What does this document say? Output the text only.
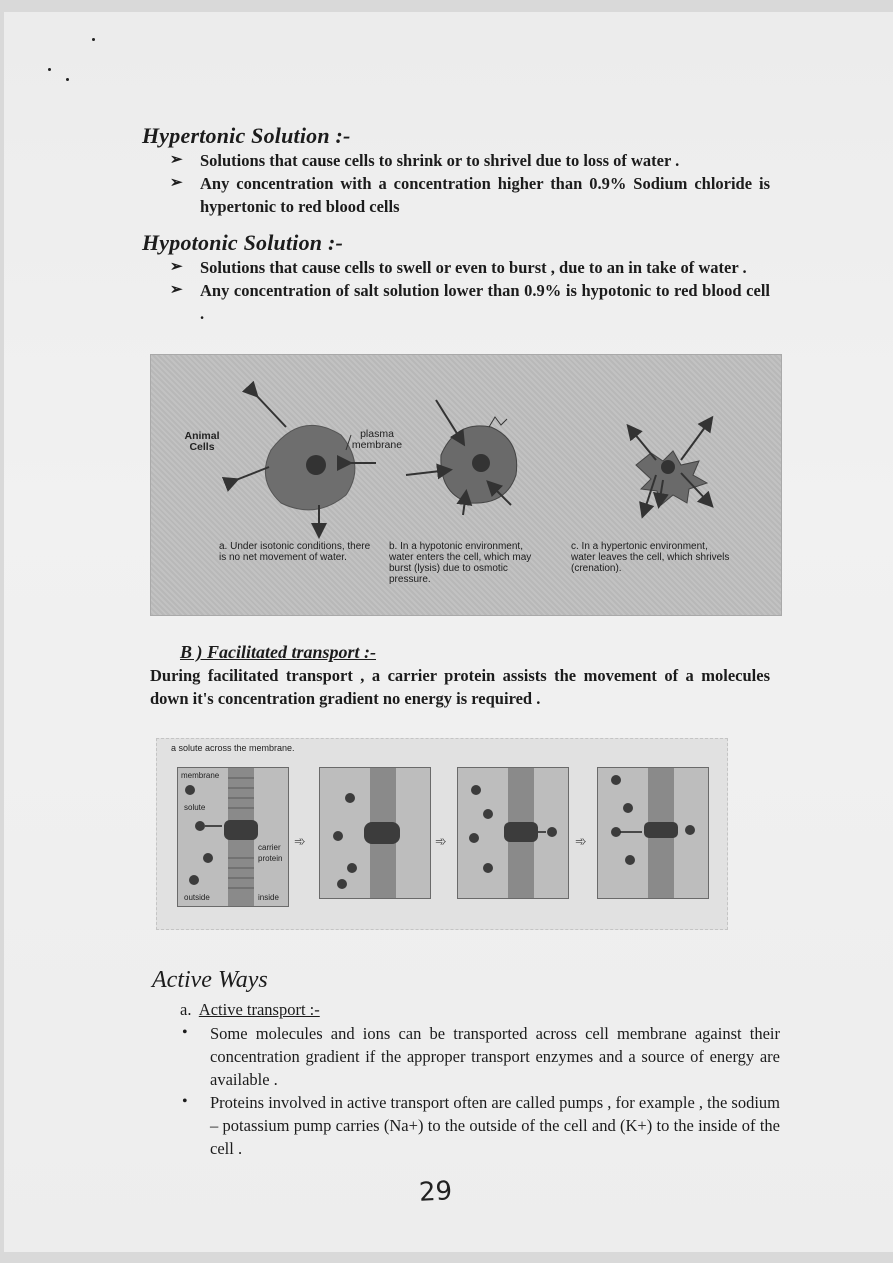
Hypertonic Solution :-
➢ Solutions that cause cells to shrink or to shrivel due to loss of water .
➢ Any concentration with a concentration higher than 0.9% Sodium chloride is hypertonic to red blood cells
Hypotonic Solution :-
➢ Solutions that cause cells to swell or even to burst , due to an in take of water .
➢ Any concentration of salt solution lower than 0.9% is hypotonic to red blood cell .
Animal Cells
plasma membrane
a. Under isotonic conditions, there is no net movement of water.
b. In a hypotonic environment, water enters the cell, which may burst (lysis) due to osmotic pressure.
c. In a hypertonic environment, water leaves the cell, which shrivels (crenation).
B ) Facilitated transport :-
During facilitated transport , a carrier protein assists the movement of a molecules down it's concentration gradient no energy is required .
a solute across the membrane.
membrane
solute
carrier protein
outside	inside
➾	➾	➾
Active Ways
a. Active transport :-
• Some molecules and ions can be transported across cell membrane against their concentration gradient if the approper transport enzymes and a source of energy are available .
• Proteins involved in active transport often are called pumps , for example , the sodium – potassium pump carries (Na+) to the outside of the cell and (K+) to the inside of the cell .
29
